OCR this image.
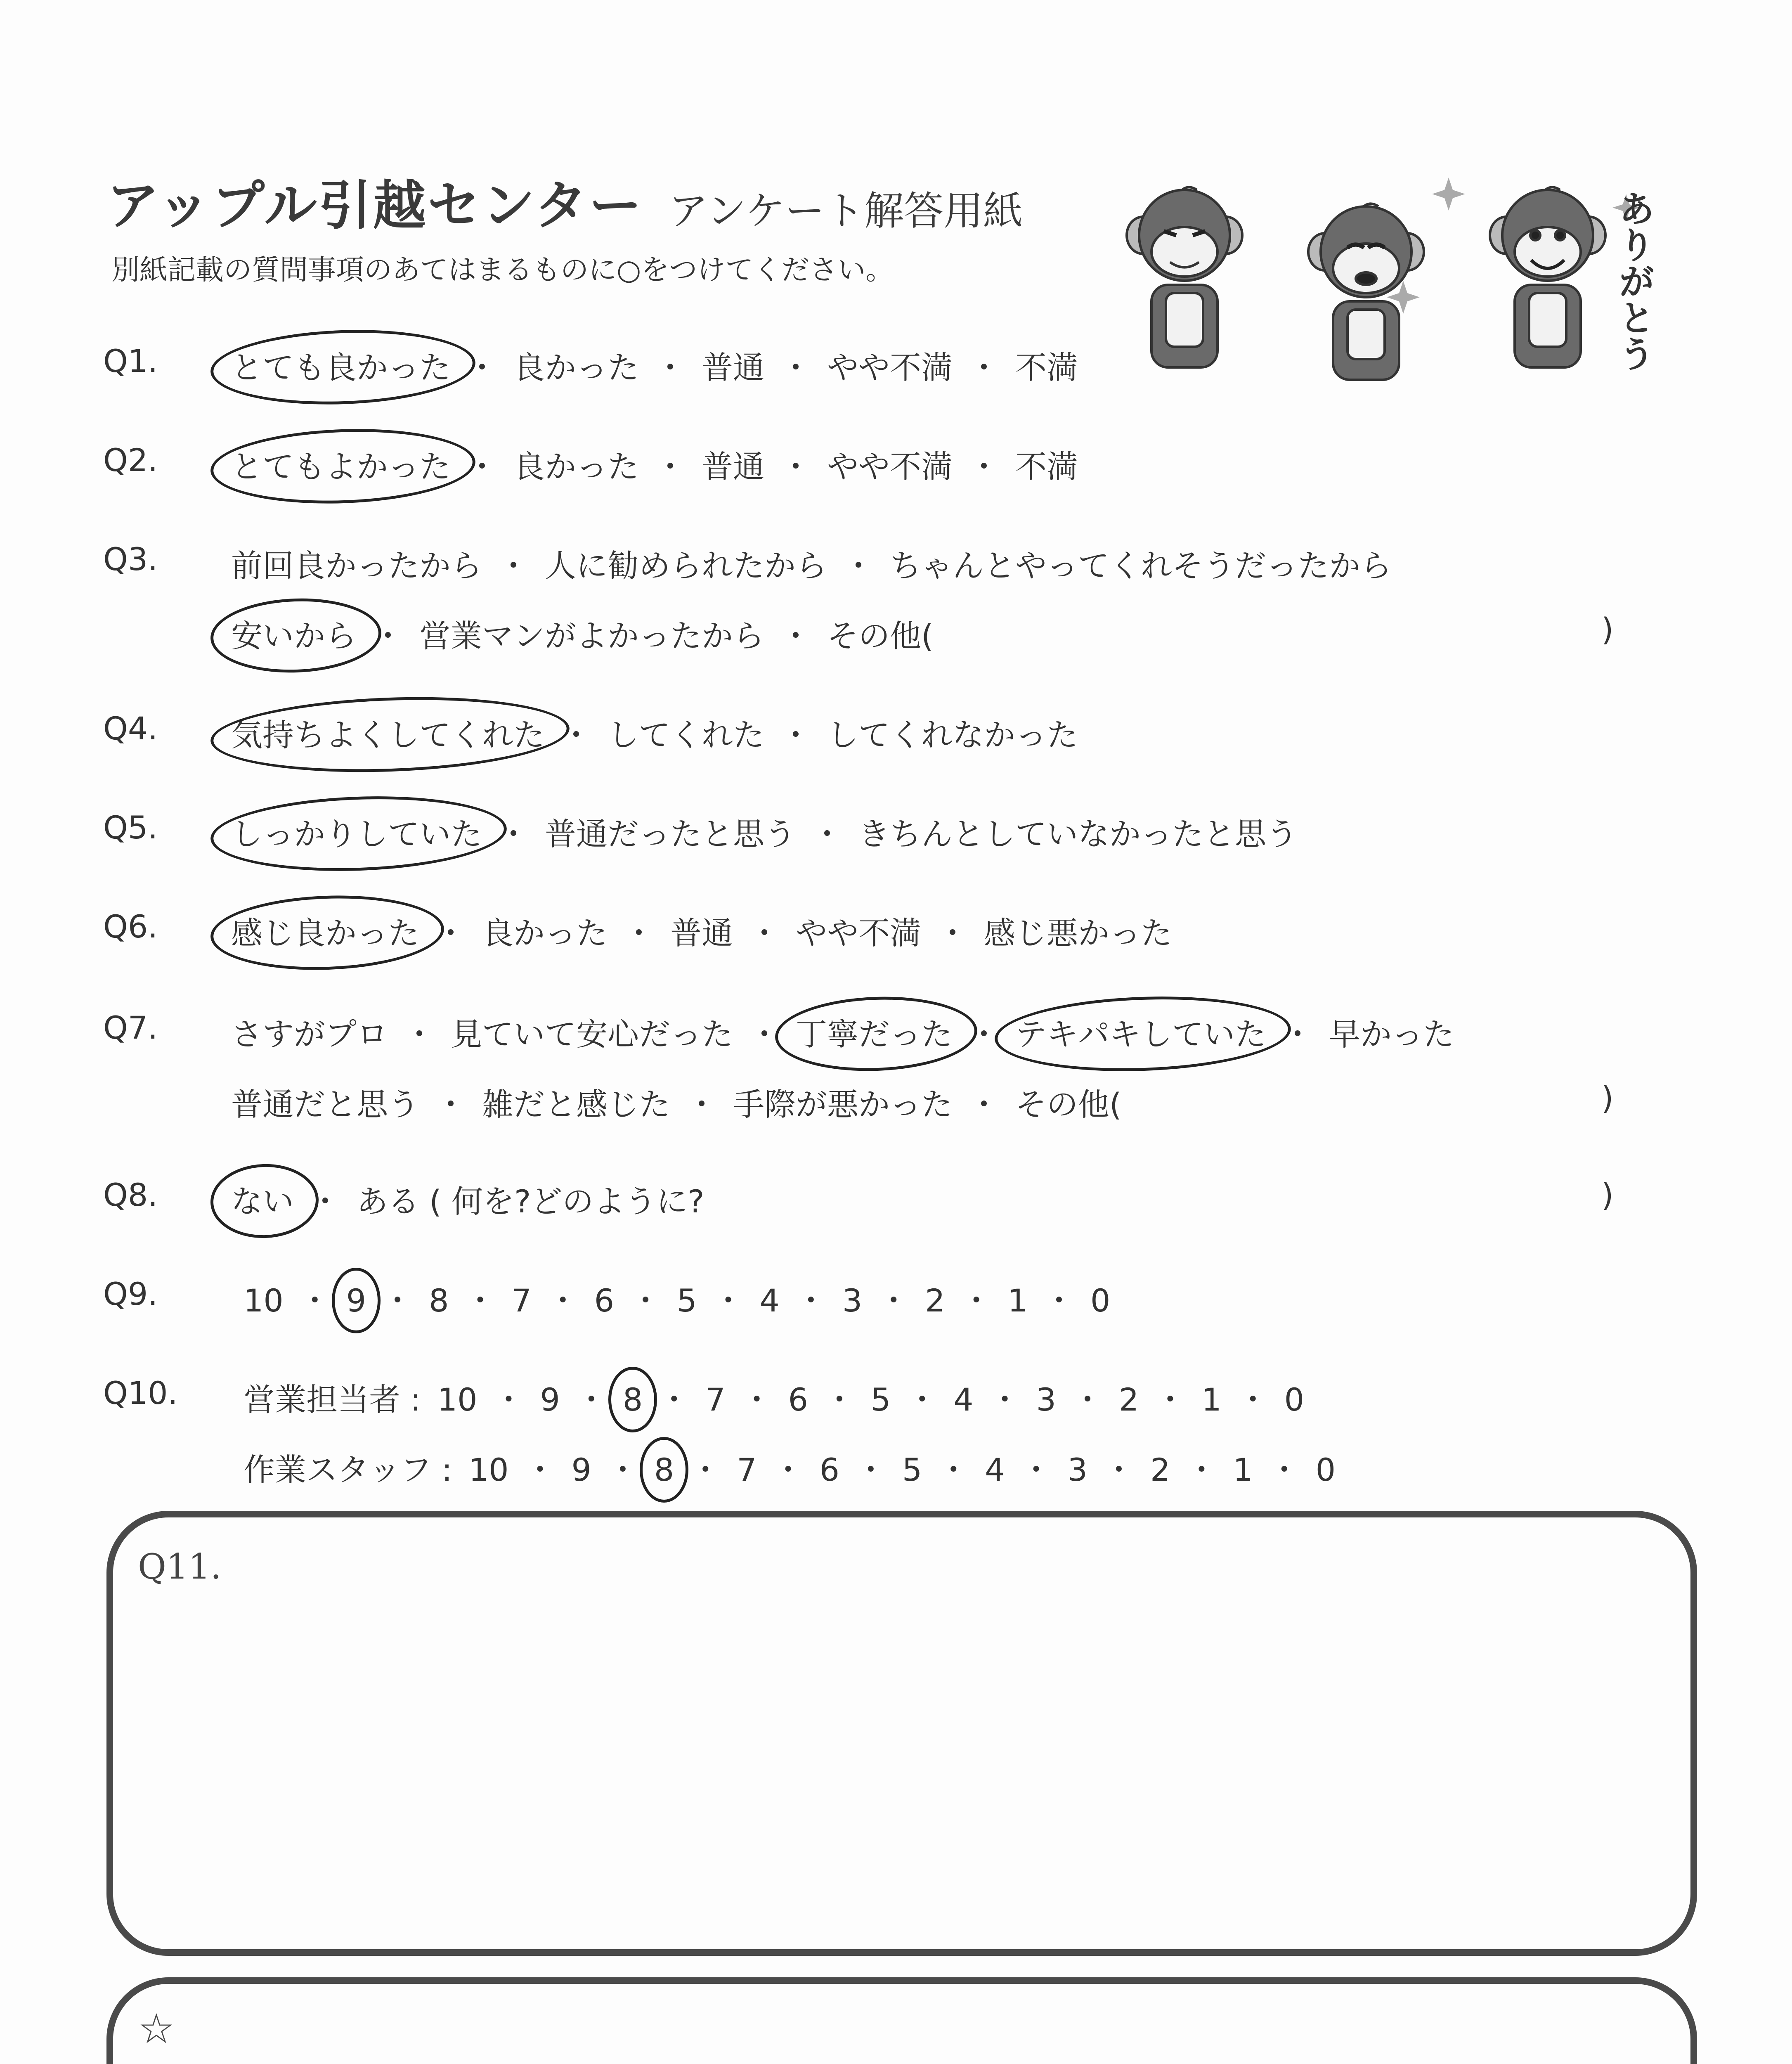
アップル引越センター アンケート解答用紙
別紙記載の質問事項のあてはまるものに○をつけてください。	ありがとう
Q1. とても良かった ・ 良かった ・ 普通 ・ やや不満 ・ 不満
Q2. とてもよかった ・ 良かった ・ 普通 ・ やや不満 ・ 不満
Q3. 前回良かったから ・ 人に勧められたから ・ ちゃんとやってくれそうだったから
安いから ・ 営業マンがよかったから ・ その他(	)
Q4. 気持ちよくしてくれた ・ してくれた ・ してくれなかった
Q5. しっかりしていた ・ 普通だったと思う ・ きちんとしていなかったと思う
Q6. 感じ良かった ・ 良かった ・ 普通 ・ やや不満 ・ 感じ悪かった
Q7. さすがプロ ・ 見ていて安心だった ・ 丁寧だった ・ テキパキしていた ・ 早かった
普通だと思う ・ 雑だと感じた ・ 手際が悪かった ・ その他(	)
Q8. ない ・ ある ( 何を?どのように?	)
Q9.	10 ・ 9 ・ 8 ・ 7 ・ 6 ・ 5 ・ 4 ・ 3 ・ 2 ・ 1 ・ 0
Q10. 営業担当者 : 10 ・ 9 ・ 8 ・ 7 ・ 6 ・ 5 ・ 4 ・ 3 ・ 2 ・ 1 ・ 0
作業スタッフ : 10 ・ 9 ・ 8 ・ 7 ・ 6 ・ 5 ・ 4 ・ 3 ・ 2 ・ 1 ・ 0
Q11.
☆
